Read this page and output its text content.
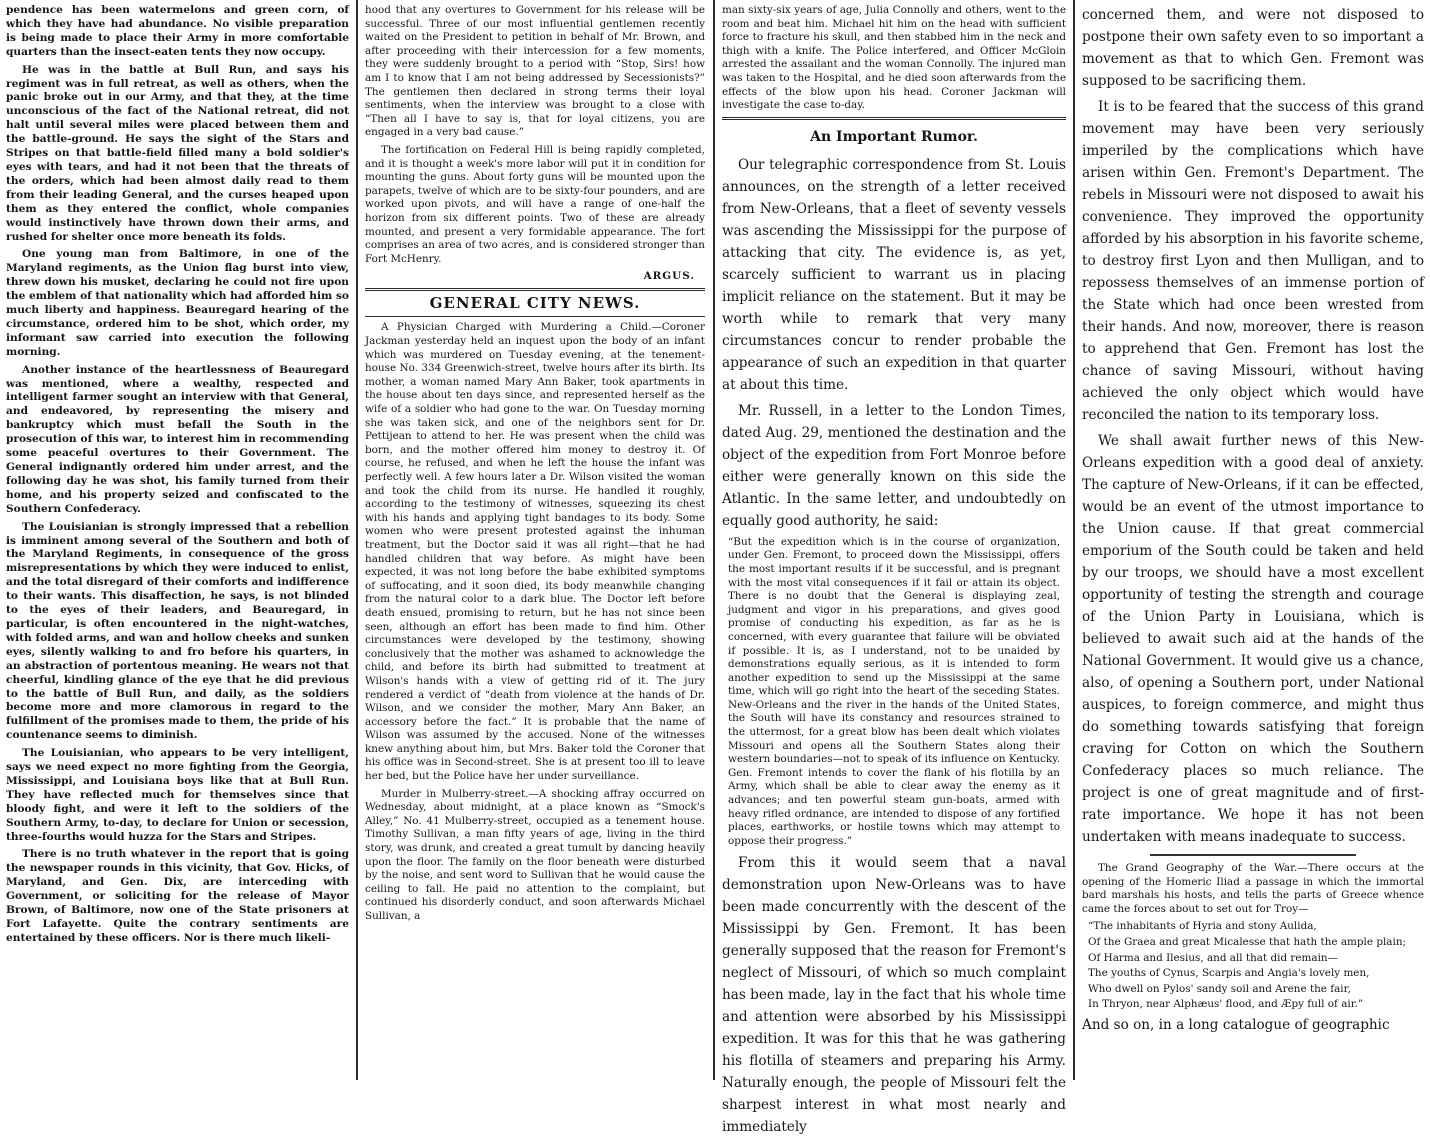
pendence has been watermelons and green corn, of which they have had abundance. No visible preparation is being made to place their Army in more comfortable quarters than the insect-eaten tents they now occupy.

He was in the battle at Bull Run, and says his regiment was in full retreat, as well as others, when the panic broke out in our Army, and that they, at the time unconscious of the fact of the National retreat, did not halt until several miles were placed between them and the battle-ground. He says the sight of the Stars and Stripes on that battle-field filled many a bold soldier's eyes with tears, and had it not been that the threats of the orders, which had been almost daily read to them from their leading General, and the curses heaped upon them as they entered the conflict, whole companies would instinctively have thrown down their arms, and rushed for shelter once more beneath its folds.

One young man from Baltimore, in one of the Maryland regiments, as the Union flag burst into view, threw down his musket, declaring he could not fire upon the emblem of that nationality which had afforded him so much liberty and happiness. Beauregard hearing of the circumstance, ordered him to be shot, which order, my informant saw carried into execution the following morning.

Another instance of the heartlessness of Beauregard was mentioned, where a wealthy, respected and intelligent farmer sought an interview with that General, and endeavored, by representing the misery and bankruptcy which must befall the South in the prosecution of this war, to interest him in recommending some peaceful overtures to their Government. The General indignantly ordered him under arrest, and the following day he was shot, his family turned from their home, and his property seized and confiscated to the Southern Confederacy.

The Louisianian is strongly impressed that a rebellion is imminent among several of the Southern and both of the Maryland Regiments, in consequence of the gross misrepresentations by which they were induced to enlist, and the total disregard of their comforts and indifference to their wants. This disaffection, he says, is not blinded to the eyes of their leaders, and Beauregard, in particular, is often encountered in the night-watches, with folded arms, and wan and hollow cheeks and sunken eyes, silently walking to and fro before his quarters, in an abstraction of portentous meaning. He wears not that cheerful, kindling glance of the eye that he did previous to the battle of Bull Run, and daily, as the soldiers become more and more clamorous in regard to the fulfillment of the promises made to them, the pride of his countenance seems to diminish.

The Louisianian, who appears to be very intelligent, says we need expect no more fighting from the Georgia, Mississippi, and Louisiana boys like that at Bull Run. They have reflected much for themselves since that bloody fight, and were it left to the soldiers of the Southern Army, to-day, to declare for Union or secession, three-fourths would huzza for the Stars and Stripes.

There is no truth whatever in the report that is going the newspaper rounds in this vicinity, that Gov. Hicks, of Maryland, and Gen. Dix, are interceding with Government, or soliciting for the release of Mayor Brown, of Baltimore, now one of the State prisoners at Fort Lafayette. Quite the contrary sentiments are entertained by these officers. Nor is there much likeli-

hood that any overtures to Government for his release will be successful. Three of our most influential gentlemen recently waited on the President to petition in behalf of Mr. Brown, and after proceeding with their intercession for a few moments, they were suddenly brought to a period with “Stop, Sirs! how am I to know that I am not being addressed by Secessionists?” The gentlemen then declared in strong terms their loyal sentiments, when the interview was brought to a close with “Then all I have to say is, that for loyal citizens, you are engaged in a very bad cause.”

The fortification on Federal Hill is being rapidly completed, and it is thought a week's more labor will put it in condition for mounting the guns. About forty guns will be mounted upon the parapets, twelve of which are to be sixty-four pounders, and are worked upon pivots, and will have a range of one-half the horizon from six different points. Two of these are already mounted, and present a very formidable appearance. The fort comprises an area of two acres, and is considered stronger than Fort McHenry.

ARGUS.
GENERAL CITY NEWS.

A Physician Charged with Murdering a Child.—Coroner Jackman yesterday held an inquest upon the body of an infant which was murdered on Tuesday evening, at the tenement-house No. 334 Greenwich-street, twelve hours after its birth. Its mother, a woman named Mary Ann Baker, took apartments in the house about ten days since, and represented herself as the wife of a soldier who had gone to the war. On Tuesday morning she was taken sick, and one of the neighbors sent for Dr. Pettijean to attend to her. He was present when the child was born, and the mother offered him money to destroy it. Of course, he refused, and when he left the house the infant was perfectly well. A few hours later a Dr. Wilson visited the woman and took the child from its nurse. He handled it roughly, according to the testimony of witnesses, squeezing its chest with his hands and applying tight bandages to its body. Some women who were present protested against the inhuman treatment, but the Doctor said it was all right—that he had handled children that way before. As might have been expected, it was not long before the babe exhibited symptoms of suffocating, and it soon died, its body meanwhile changing from the natural color to a dark blue. The Doctor left before death ensued, promising to return, but he has not since been seen, although an effort has been made to find him. Other circumstances were developed by the testimony, showing conclusively that the mother was ashamed to acknowledge the child, and before its birth had submitted to treatment at Wilson's hands with a view of getting rid of it. The jury rendered a verdict of “death from violence at the hands of Dr. Wilson, and we consider the mother, Mary Ann Baker, an accessory before the fact.” It is probable that the name of Wilson was assumed by the accused. None of the witnesses knew anything about him, but Mrs. Baker told the Coroner that his office was in Second-street. She is at present too ill to leave her bed, but the Police have her under surveillance.

Murder in Mulberry-street.—A shocking affray occurred on Wednesday, about midnight, at a place known as “Smock's Alley,” No. 41 Mulberry-street, occupied as a tenement house. Timothy Sullivan, a man fifty years of age, living in the third story, was drunk, and created a great tumult by dancing heavily upon the floor. The family on the floor beneath were disturbed by the noise, and sent word to Sullivan that he would cause the ceiling to fall. He paid no attention to the complaint, but continued his disorderly conduct, and soon afterwards Michael Sullivan, a

man sixty-six years of age, Julia Connolly and others, went to the room and beat him. Michael hit him on the head with sufficient force to fracture his skull, and then stabbed him in the neck and thigh with a knife. The Police interfered, and Officer McGloin arrested the assailant and the woman Connolly. The injured man was taken to the Hospital, and he died soon afterwards from the effects of the blow upon his head. Coroner Jackman will investigate the case to-day.

An Important Rumor.

Our telegraphic correspondence from St. Louis announces, on the strength of a letter received from New-Orleans, that a fleet of seventy vessels was ascending the Mississippi for the purpose of attacking that city. The evidence is, as yet, scarcely sufficient to warrant us in placing implicit reliance on the statement. But it may be worth while to remark that very many circumstances concur to render probable the appearance of such an expedition in that quarter at about this time.

Mr. Russell, in a letter to the London Times, dated Aug. 29, mentioned the destination and the object of the expedition from Fort Monroe before either were generally known on this side the Atlantic. In the same letter, and undoubtedly on equally good authority, he said:

“But the expedition which is in the course of organization, under Gen. Fremont, to proceed down the Mississippi, offers the most important results if it be successful, and is pregnant with the most vital consequences if it fail or attain its object. There is no doubt that the General is displaying zeal, judgment and vigor in his preparations, and gives good promise of conducting his expedition, as far as he is concerned, with every guarantee that failure will be obviated if possible. It is, as I understand, not to be unaided by demonstrations equally serious, as it is intended to form another expedition to send up the Mississippi at the same time, which will go right into the heart of the seceding States. New-Orleans and the river in the hands of the United States, the South will have its constancy and resources strained to the uttermost, for a great blow has been dealt which violates Missouri and opens all the Southern States along their western boundaries—not to speak of its influence on Kentucky. Gen. Fremont intends to cover the flank of his flotilla by an Army, which shall be able to clear away the enemy as it advances; and ten powerful steam gun-boats, armed with heavy rifled ordnance, are intended to dispose of any fortified places, earthworks, or hostile towns which may attempt to oppose their progress.”

From this it would seem that a naval demonstration upon New-Orleans was to have been made concurrently with the descent of the Mississippi by Gen. Fremont. It has been generally supposed that the reason for Fremont's neglect of Missouri, of which so much complaint has been made, lay in the fact that his whole time and attention were absorbed by his Mississippi expedition. It was for this that he was gathering his flotilla of steamers and preparing his Army. Naturally enough, the people of Missouri felt the sharpest interest in what most nearly and immediately

concerned them, and were not disposed to postpone their own safety even to so important a movement as that to which Gen. Fremont was supposed to be sacrificing them.

It is to be feared that the success of this grand movement may have been very seriously imperiled by the complications which have arisen within Gen. Fremont's Department. The rebels in Missouri were not disposed to await his convenience. They improved the opportunity afforded by his absorption in his favorite scheme, to destroy first Lyon and then Mulligan, and to repossess themselves of an immense portion of the State which had once been wrested from their hands. And now, moreover, there is reason to apprehend that Gen. Fremont has lost the chance of saving Missouri, without having achieved the only object which would have reconciled the nation to its temporary loss.

We shall await further news of this New-Orleans expedition with a good deal of anxiety. The capture of New-Orleans, if it can be effected, would be an event of the utmost importance to the Union cause. If that great commercial emporium of the South could be taken and held by our troops, we should have a most excellent opportunity of testing the strength and courage of the Union Party in Louisiana, which is believed to await such aid at the hands of the National Government. It would give us a chance, also, of opening a Southern port, under National auspices, to foreign commerce, and might thus do something towards satisfying that foreign craving for Cotton on which the Southern Confederacy places so much reliance. The project is one of great magnitude and of first-rate importance. We hope it has not been undertaken with means inadequate to success.

The Grand Geography of the War.—There occurs at the opening of the Homeric Iliad a passage in which the immortal bard marshals his hosts, and tells the parts of Greece whence came the forces about to set out for Troy—

“The inhabitants of Hyria and stony Aulida,
Of the Graea and great Micalesse that hath the ample plain;
Of Harma and Ilesius, and all that did remain—
The youths of Cynus, Scarpis and Angia's lovely men,
Who dwell on Pylos' sandy soil and Arene the fair,
In Thryon, near Alphæus' flood, and Æpy full of air.”

And so on, in a long catalogue of geographic
